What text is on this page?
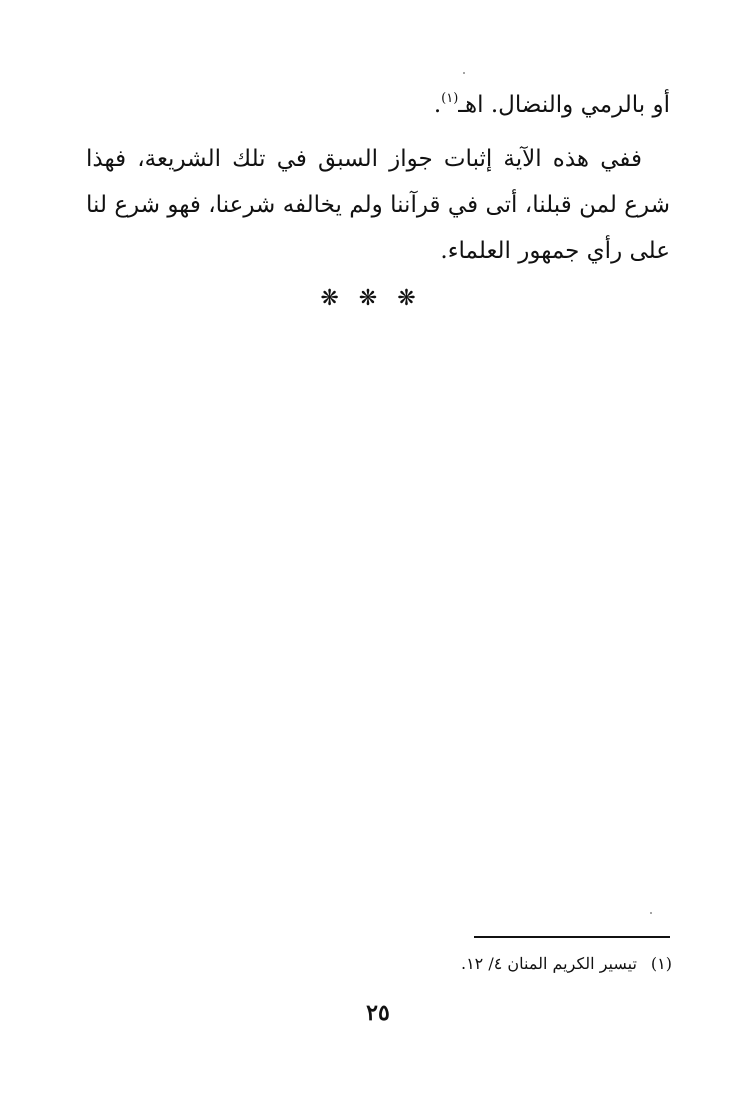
أو بالرمي والنضال. اهـ$^{(١)}$.

ففي هذه الآية إثبات جواز السبق في تلك الشريعة، فهذا شرع لمن قبلنا، أتى في قرآننا ولم يخالفه شرعنا، فهو شرع لنا على رأي جمهور العلماء.

❋❋❋
(١)تيسير الكريم المنان ٤/ ١٢.
٢٥
